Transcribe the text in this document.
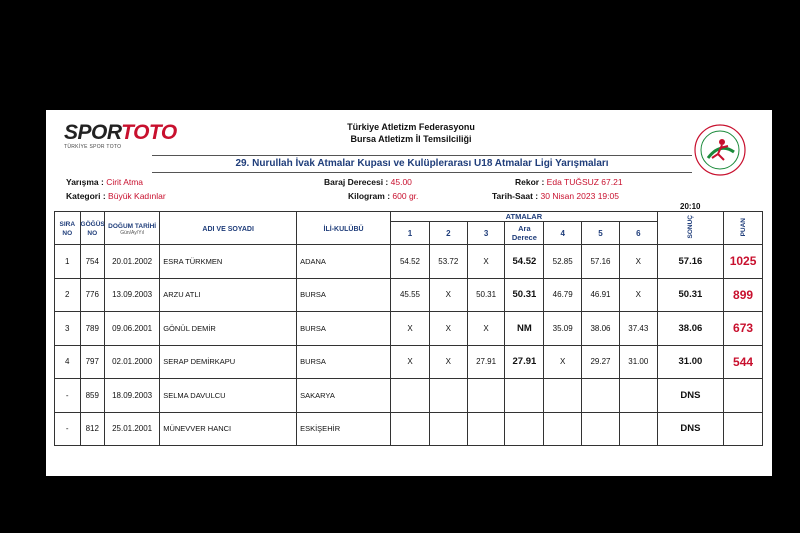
SPORTOTO
TÜRKİYE SPOR TOTO
Türkiye Atletizm Federasyonu
Bursa Atletizm İl Temsilciliği
29. Nurullah İvak Atmalar Kupası ve Kulüplerarası U18 Atmalar Ligi Yarışmaları
Yarışma : Cirit Atma
Kategori : Büyük Kadınlar
Baraj Derecesi : 45.00
Kilogram : 600 gr.
Rekor : Eda TUĞSUZ 67.21
Tarih-Saat : 30 Nisan 2023 19:05
20:10
SIRA NO	GÖĞÜS NO	DOĞUM TARİHİ
Gün/Ay/Yıl	ADI VE SOYADI	İLİ-KULÜBÜ	ATMALAR							SONUÇ	PUAN
					1	2	3	Ara Derece	4	5	6		
1	754	20.01.2002	ESRA TÜRKMEN	ADANA	54.52	53.72	X	54.52	52.85	57.16	X	57.16	1025
2	776	13.09.2003	ARZU ATLI	BURSA	45.55	X	50.31	50.31	46.79	46.91	X	50.31	899
3	789	09.06.2001	GÖNÜL DEMİR	BURSA	X	X	X	NM	35.09	38.06	37.43	38.06	673
4	797	02.01.2000	SERAP DEMİRKAPU	BURSA	X	X	27.91	27.91	X	29.27	31.00	31.00	544
-	859	18.09.2003	SELMA DAVULCU	SAKARYA								DNS	
-	812	25.01.2001	MÜNEVVER HANCI	ESKİŞEHİR								DNS	
